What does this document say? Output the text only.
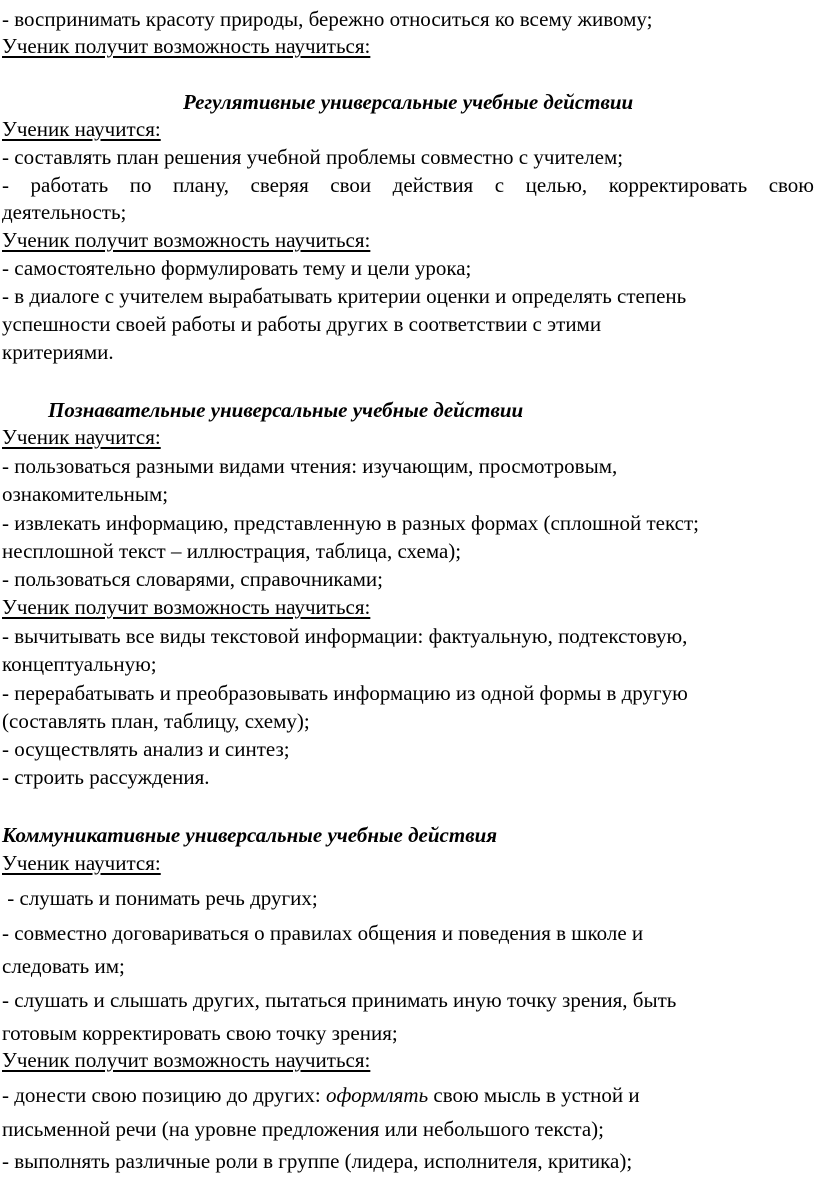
- воспринимать красоту природы, бережно относиться ко всему живому;
Ученик получит возможность научиться:
Регулятивные универсальные учебные действии
Ученик научится:
- составлять план решения учебной проблемы совместно с учителем;
- работать по плану, сверяя свои действия с целью, корректировать свою
деятельность;
Ученик получит возможность научиться:
- самостоятельно формулировать тему и цели урока;
- в диалоге с учителем вырабатывать критерии оценки и определять степень
успешности своей работы и работы других в соответствии с этими
критериями.
Познавательные универсальные учебные действии
Ученик научится:
- пользоваться разными видами чтения: изучающим, просмотровым,
ознакомительным;
- извлекать информацию, представленную в разных формах (сплошной текст;
несплошной текст – иллюстрация, таблица, схема);
- пользоваться словарями, справочниками;
Ученик получит возможность научиться:
- вычитывать все виды текстовой информации: фактуальную, подтекстовую,
концептуальную;
- перерабатывать и преобразовывать информацию из одной формы в другую
(составлять план, таблицу, схему);
- осуществлять анализ и синтез;
- строить рассуждения.
Коммуникативные универсальные учебные действия
Ученик научится:
- слушать и понимать речь других;
- совместно договариваться о правилах общения и поведения в школе и
следовать им;
- слушать и слышать других, пытаться принимать иную точку зрения, быть
готовым корректировать свою точку зрения;
Ученик получит возможность научиться:
- донести свою позицию до других: оформлять свою мысль в устной и
письменной речи (на уровне предложения или небольшого текста);
- выполнять различные роли в группе (лидера, исполнителя, критика);
